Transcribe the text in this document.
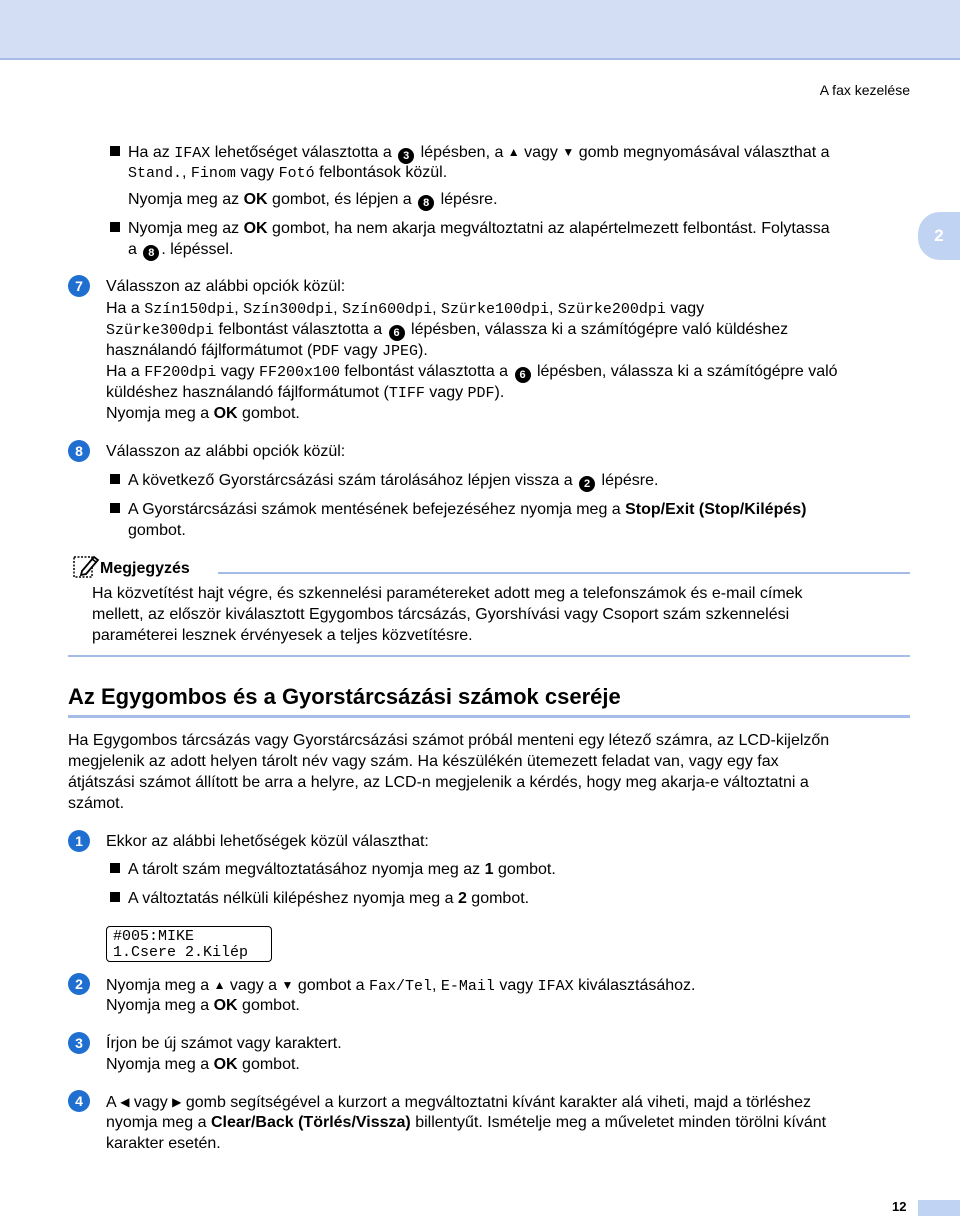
A fax kezelése
2
Ha az IFAX lehetőséget választotta a 3 lépésben, a ▲ vagy ▼ gomb megnyomásával választhat a
Stand., Finom vagy Fotó felbontások közül.
Nyomja meg az OK gombot, és lépjen a 8 lépésre.
Nyomja meg az OK gombot, ha nem akarja megváltoztatni az alapértelmezett felbontást. Folytassa
a 8 . lépéssel.
7	Válasszon az alábbi opciók közül:
Ha a Szín150dpi, Szín300dpi, Szín600dpi, Szürke100dpi, Szürke200dpi vagy
Szürke300dpi felbontást választotta a 6 lépésben, válassza ki a számítógépre való küldéshez
használandó fájlformátumot (PDF vagy JPEG).
Ha a FF200dpi vagy FF200x100 felbontást választotta a 6 lépésben, válassza ki a számítógépre való
küldéshez használandó fájlformátumot (TIFF vagy PDF).
Nyomja meg a OK gombot.
8	Válasszon az alábbi opciók közül:
A következő Gyorstárcsázási szám tárolásához lépjen vissza a 2 lépésre.
A Gyorstárcsázási számok mentésének befejezéséhez nyomja meg a Stop/Exit (Stop/Kilépés)
gombot.
Megjegyzés
Ha közvetítést hajt végre, és szkennelési paramétereket adott meg a telefonszámok és e-mail címek
mellett, az először kiválasztott Egygombos tárcsázás, Gyorshívási vagy Csoport szám szkennelési
paraméterei lesznek érvényesek a teljes közvetítésre.
Az Egygombos és a Gyorstárcsázási számok cseréje
Ha Egygombos tárcsázás vagy Gyorstárcsázási számot próbál menteni egy létező számra, az LCD-kijelzőn
megjelenik az adott helyen tárolt név vagy szám. Ha készülékén ütemezett feladat van, vagy egy fax
átjátszási számot állított be arra a helyre, az LCD-n megjelenik a kérdés, hogy meg akarja-e változtatni a
számot.
1	Ekkor az alábbi lehetőségek közül választhat:
A tárolt szám megváltoztatásához nyomja meg az 1 gombot.
A változtatás nélküli kilépéshez nyomja meg a 2 gombot.
#005:MIKE
1.Csere 2.Kilép
2	Nyomja meg a ▲ vagy a ▼ gombot a Fax/Tel, E-Mail vagy IFAX kiválasztásához.
Nyomja meg a OK gombot.
3	Írjon be új számot vagy karaktert.
Nyomja meg a OK gombot.
4	A ◀ vagy ▶ gomb segítségével a kurzort a megváltoztatni kívánt karakter alá viheti, majd a törléshez
nyomja meg a Clear/Back (Törlés/Vissza) billentyűt. Ismételje meg a műveletet minden törölni kívánt
karakter esetén.
12
